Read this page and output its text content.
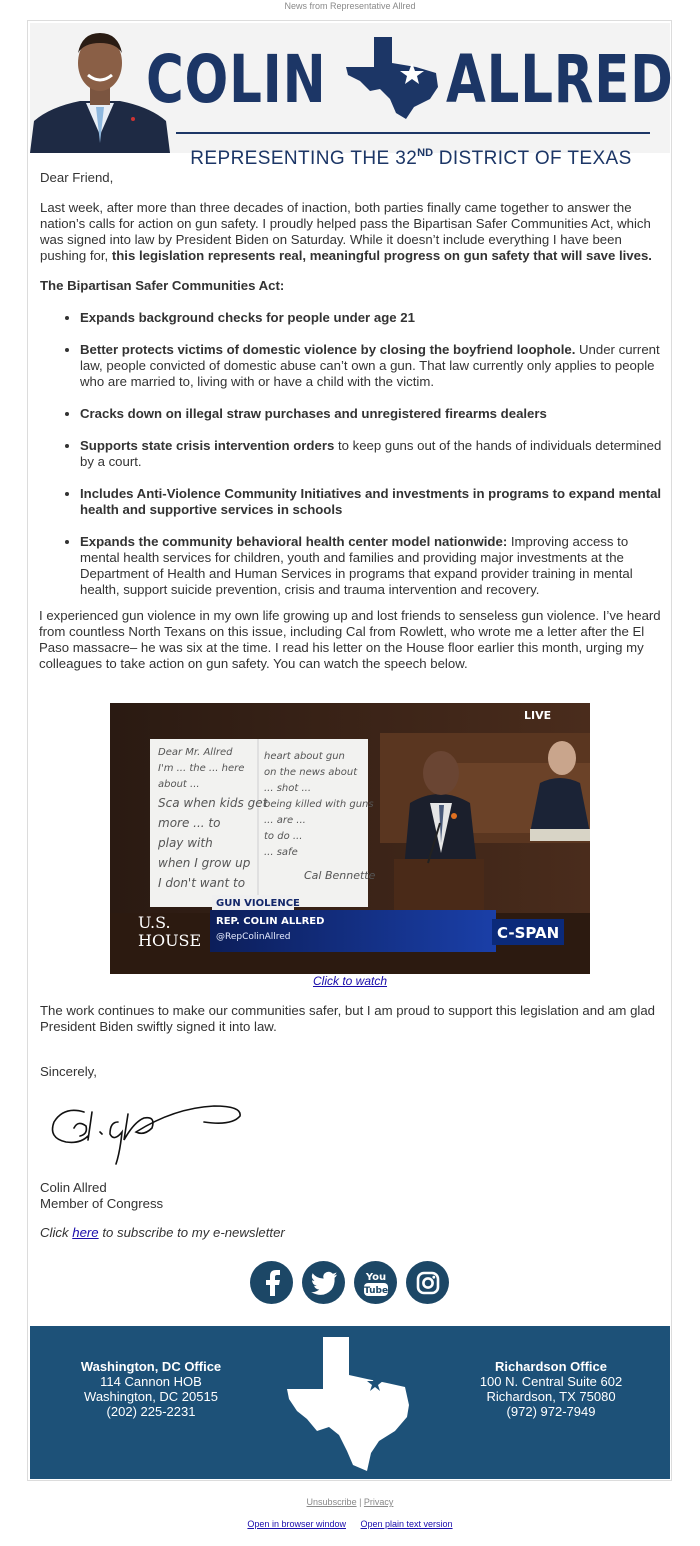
News from Representative Allred
COLIN ALLRED
REPRESENTING THE 32ND DISTRICT OF TEXAS

Dear Friend,

Last week, after more than three decades of inaction, both parties finally came together to answer the nation’s calls for action on gun safety. I proudly helped pass the Bipartisan Safer Communities Act, which was signed into law by President Biden on Saturday. While it doesn’t include everything I have been pushing for, this legislation represents real, meaningful progress on gun safety that will save lives.

The Bipartisan Safer Communities Act:

• Expands background checks for people under age 21
• Better protects victims of domestic violence by closing the boyfriend loophole. Under current law, people convicted of domestic abuse can’t own a gun. That law currently only applies to people who are married to, living with or have a child with the victim.
• Cracks down on illegal straw purchases and unregistered firearms dealers
• Supports state crisis intervention orders to keep guns out of the hands of individuals determined by a court.
• Includes Anti-Violence Community Initiatives and investments in programs to expand mental health and supportive services in schools
• Expands the community behavioral health center model nationwide: Improving access to mental health services for children, youth and families and providing major investments at the Department of Health and Human Services in programs that expand provider training in mental health, support suicide prevention, crisis and trauma intervention and recovery.

I experienced gun violence in my own life growing up and lost friends to senseless gun violence. I’ve heard from countless North Texans on this issue, including Cal from Rowlett, who wrote me a letter after the El Paso massacre– he was six at the time. I read his letter on the House floor earlier this month, urging my colleagues to take action on gun safety. You can watch the speech below.

Dear Mr. Allred
I'm ... the ... here
about ...
Sca when kids get
more ... to
play with
when I grow up
I don't want to
heart about gun
on the news about
... shot ...
being killed with guns
... are ...
to do ...
... safe
Cal Bennette
LIVE
GUN VIOLENCE
REP. COLIN ALLRED
@RepColinAllred
U.S.
HOUSE	C-SPAN
Click to watch

The work continues to make our communities safer, but I am proud to support this legislation and am glad President Biden swiftly signed it into law.

Sincerely,
Colin Allred
Member of Congress
Click here to subscribe to my e-newsletter
You
Tube
Washington, DC Office
114 Cannon HOB
Washington, DC 20515
(202) 225-2231
Richardson Office
100 N. Central Suite 602
Richardson, TX 75080
(972) 972-7949
Unsubscribe | Privacy
Open in browser window Open plain text version
